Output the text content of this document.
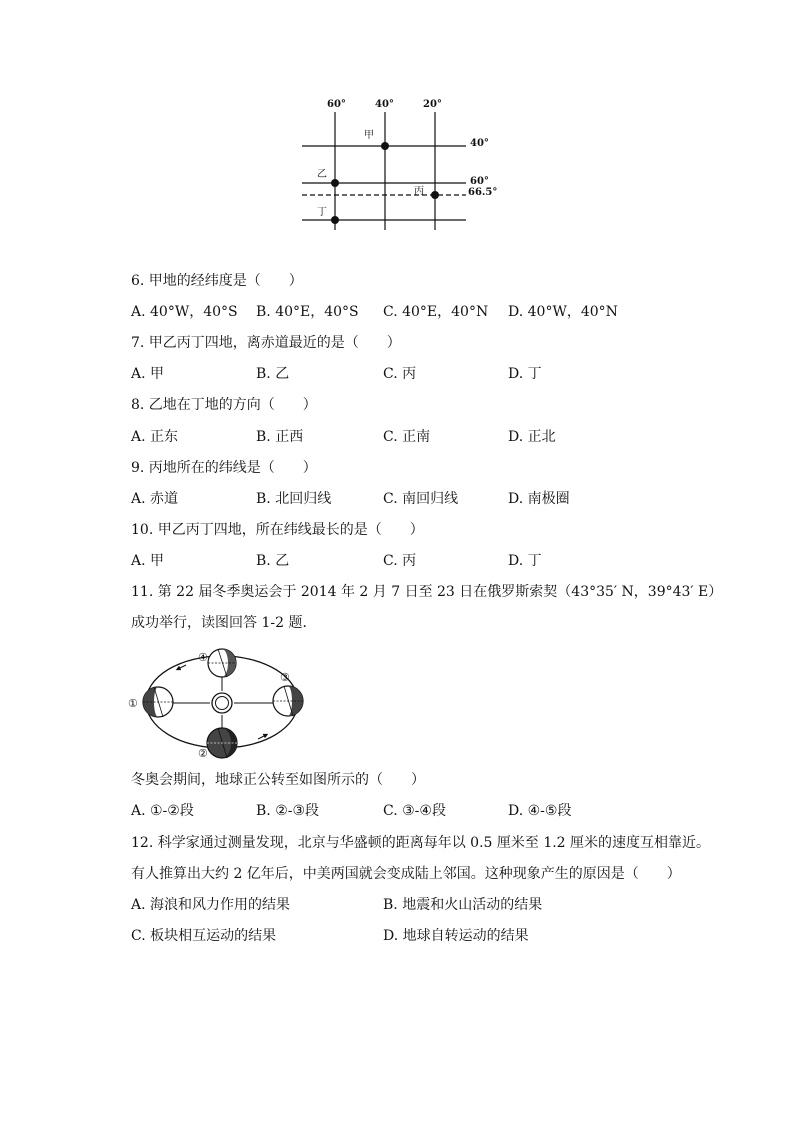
60°	40°	20°
40°
60°
66.5°
甲
乙
丙
丁
6. 甲地的经纬度是（　　）
A. 40°W，40°S B. 40°E，40°S C. 40°E，40°N D. 40°W，40°N
7. 甲乙丙丁四地，离赤道最近的是（　　）
A. 甲	B. 乙	C. 丙	D. 丁
8. 乙地在丁地的方向（　　）
A. 正东	B. 正西	C. 正南	D. 正北
9. 丙地所在的纬线是（　　）
A. 赤道	B. 北回归线	C. 南回归线	D. 南极圈
10. 甲乙丙丁四地，所在纬线最长的是（　　）
A. 甲	B. 乙	C. 丙	D. 丁
11. 第 22 届冬季奥运会于 2014 年 2 月 7 日至 23 日在俄罗斯索契（43°35′ N，39°43′ E）
成功举行，读图回答 1-2 题．
①
②
③
④
冬奥会期间，地球正公转至如图所示的（　　）
A. ①-②段	B. ②-③段	C. ③-④段	D. ④-⑤段
12. 科学家通过测量发现，北京与华盛顿的距离每年以 0.5 厘米至 1.2 厘米的速度互相靠近。
有人推算出大约 2 亿年后，中美两国就会变成陆上邻国。这种现象产生的原因是（　　）
A. 海浪和风力作用的结果	B. 地震和火山活动的结果
C. 板块相互运动的结果	D. 地球自转运动的结果
